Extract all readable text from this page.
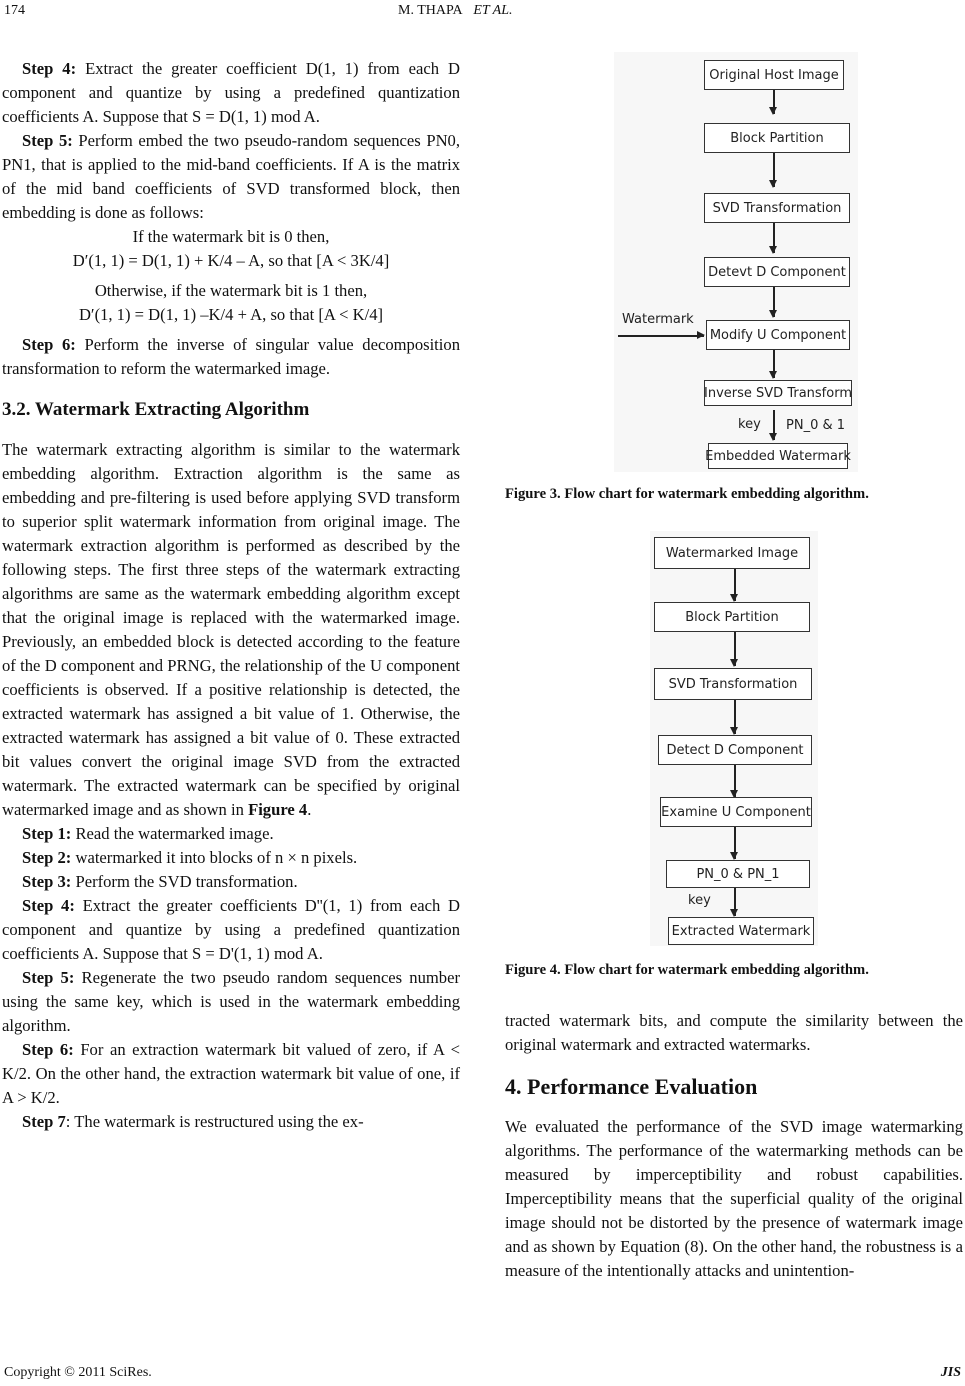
174	M. THAPA ET AL.

Step 4: Extract the greater coefficient D(1, 1) from each D component and quantize by using a predefined quantization coefficients A. Suppose that S = D(1, 1) mod A.

Step 5: Perform embed the two pseudo-random sequences PN0, PN1, that is applied to the mid-band coefficients. If A is the matrix of the mid band coefficients of SVD transformed block, then embedding is done as follows:

If the watermark bit is 0 then,

D′(1, 1) = D(1, 1) + K/4 – A, so that [A < 3K/4]

Otherwise, if the watermark bit is 1 then,

D′(1, 1) = D(1, 1) –K/4 + A, so that [A < K/4]

Step 6: Perform the inverse of singular value decomposition transformation to reform the watermarked image.

3.2. Watermark Extracting Algorithm

The watermark extracting algorithm is similar to the watermark embedding algorithm. Extraction algorithm is the same as embedding and pre-filtering is used before applying SVD transform to superior split watermark information from original image. The watermark extraction algorithm is performed as described by the following steps. The first three steps of the watermark extracting algorithms are same as the watermark embedding algorithm except that the original image is replaced with the watermarked image. Previously, an embedded block is detected according to the feature of the D component and PRNG, the relationship of the U component coefficients is observed. If a positive relationship is detected, the extracted watermark has assigned a bit value of 1. Otherwise, the extracted watermark has assigned a bit value of 0. These extracted bit values convert the original image SVD from the extracted watermark. The extracted watermark can be specified by original watermarked image and as shown in Figure 4.

Step 1: Read the watermarked image.

Step 2: watermarked it into blocks of n × n pixels.

Step 3: Perform the SVD transformation.

Step 4: Extract the greater coefficients D''(1, 1) from each D component and quantize by using a predefined quantization coefficients A. Suppose that S = D'(1, 1) mod A.

Step 5: Regenerate the two pseudo random sequences number using the same key, which is used in the watermark embedding algorithm.

Step 6: For an extraction watermark bit valued of zero, if A < K/2. On the other hand, the extraction watermark bit value of one, if A > K/2.

Step 7: The watermark is restructured using the ex-

Original Host Image
Block Partition
SVD Transformation
Detevt D Component
Watermark
Modify U Component
Inverse SVD Transform
key PN_0 & 1
Embedded Watermark
Figure 3. Flow chart for watermark embedding algorithm.
Watermarked Image
Block Partition
SVD Transformation
Detect D Component
Examine U Component
PN_0 & PN_1
key
Extracted Watermark
Figure 4. Flow chart for watermark embedding algorithm.

tracted watermark bits, and compute the similarity between the original watermark and extracted watermarks.

4. Performance Evaluation

We evaluated the performance of the SVD image watermarking algorithms. The performance of the watermarking methods can be measured by imperceptibility and robust capabilities. Imperceptibility means that the superficial quality of the original image should not be distorted by the presence of watermark image and as shown by Equation (8). On the other hand, the robustness is a measure of the intentionally attacks and unintention-

Copyright © 2011 SciRes.	JIS
